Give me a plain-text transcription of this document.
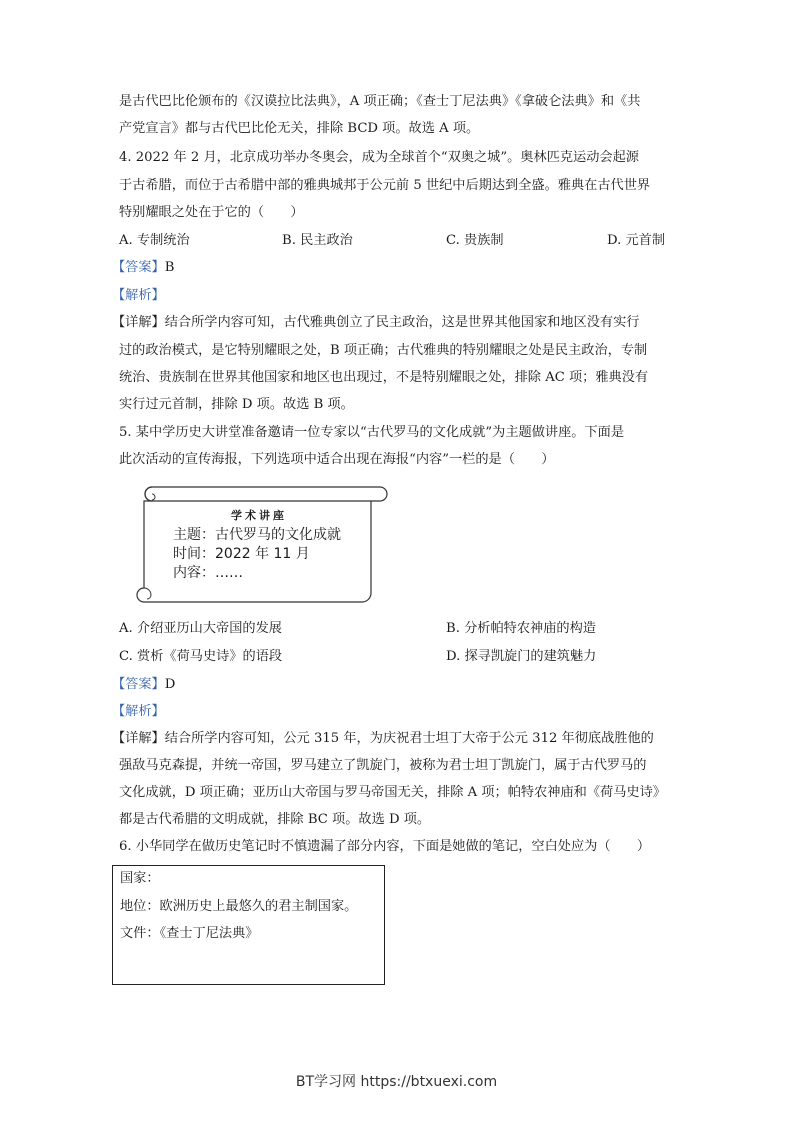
是古代巴比伦颁布的《汉谟拉比法典》，A 项正确；《查士丁尼法典》《拿破仑法典》和《共
产党宣言》都与古代巴比伦无关，排除 BCD 项。故选 A 项。
4. 2022 年 2 月，北京成功举办冬奥会，成为全球首个“双奥之城”。奥林匹克运动会起源
于古希腊，而位于古希腊中部的雅典城邦于公元前 5 世纪中后期达到全盛。雅典在古代世界
特别耀眼之处在于它的（　　）
A. 专制统治	B. 民主政治	C. 贵族制	D. 元首制
【答案】B
【解析】
【详解】结合所学内容可知，古代雅典创立了民主政治，这是世界其他国家和地区没有实行
过的政治模式，是它特别耀眼之处，B 项正确；古代雅典的特别耀眼之处是民主政治，专制
统治、贵族制在世界其他国家和地区也出现过，不是特别耀眼之处，排除 AC 项；雅典没有
实行过元首制，排除 D 项。故选 B 项。
5. 某中学历史大讲堂准备邀请一位专家以“古代罗马的文化成就”为主题做讲座。下面是
此次活动的宣传海报，下列选项中适合出现在海报“内容”一栏的是（　　）
学术讲座
主题：古代罗马的文化成就
时间：2022 年 11 月
内容：……
A. 介绍亚历山大帝国的发展	B. 分析帕特农神庙的构造
C. 赏析《荷马史诗》的语段	D. 探寻凯旋门的建筑魅力
【答案】D
【解析】
【详解】结合所学内容可知，公元 315 年，为庆祝君士坦丁大帝于公元 312 年彻底战胜他的
强敌马克森提，并统一帝国，罗马建立了凯旋门，被称为君士坦丁凯旋门，属于古代罗马的
文化成就，D 项正确；亚历山大帝国与罗马帝国无关，排除 A 项；帕特农神庙和《荷马史诗》
都是古代希腊的文明成就，排除 BC 项。故选 D 项。
6. 小华同学在做历史笔记时不慎遗漏了部分内容，下面是她做的笔记，空白处应为（　　）
国家：
地位：欧洲历史上最悠久的君主制国家。
文件：《查士丁尼法典》
BT学习网 https://btxuexi.com
